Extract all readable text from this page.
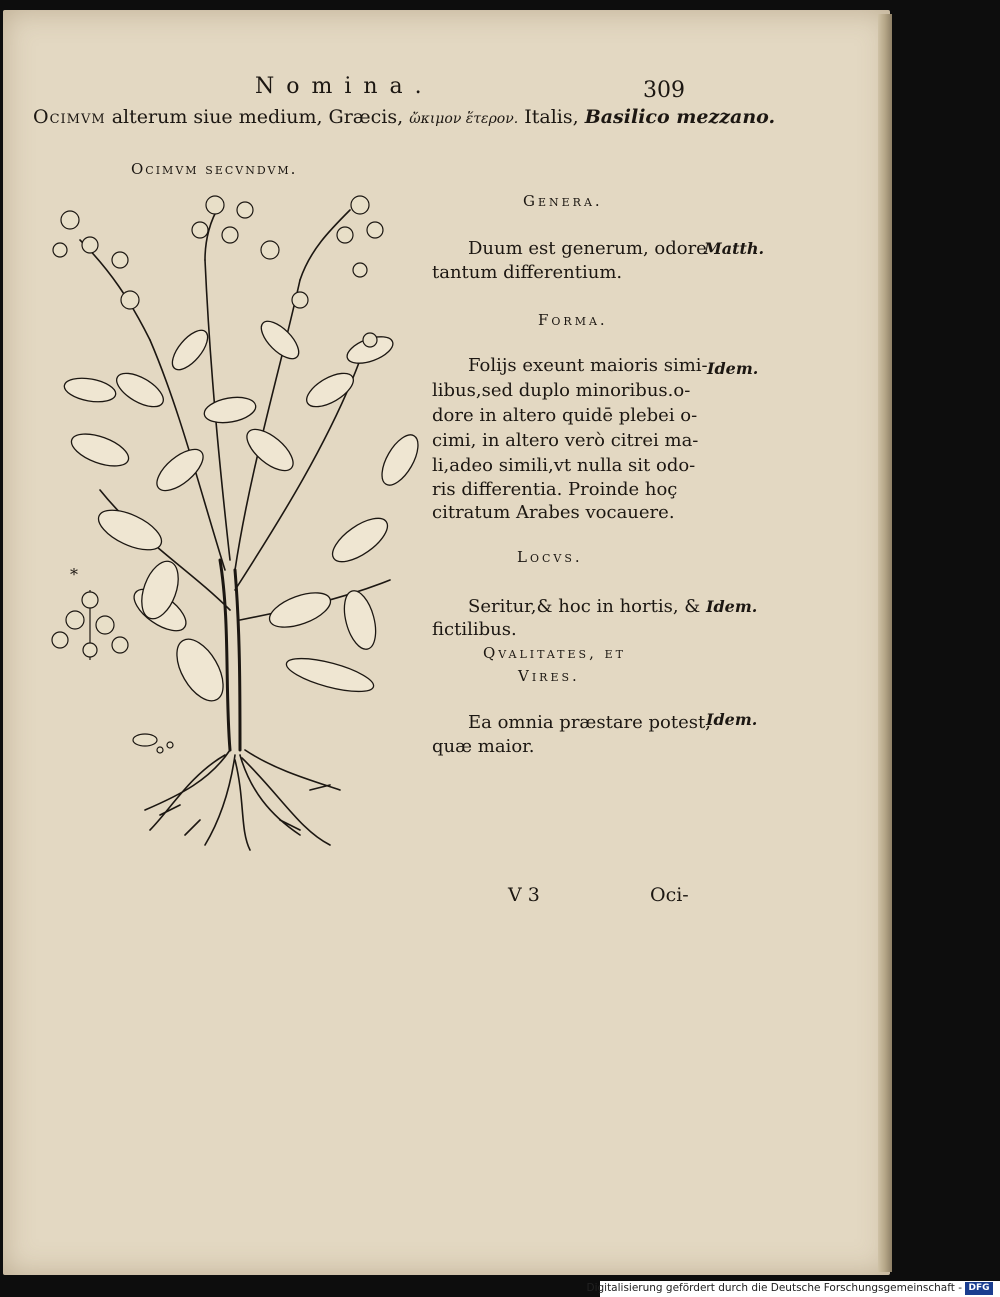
Nomina.	309
Ocimvm alterum siue medium, Græcis, ὤκιμον ἕτερον. Italis, Basilico mezzano.
Ocimvm secvndvm.
*
Genera.
Duum est generum, odore
tantum differentium.
Matth.
Forma.
Folijs exeunt maioris simi-
libus,sed duplo minoribus.o-
dore in altero quidē plebei o-
cimi, in altero verò citrei ma-
li,adeo simili,vt nulla sit odo-
ris differentia. Proinde hoç
citratum Arabes vocauere.
Idem.
Locvs.
Seritur,& hoc in hortis, &
fictilibus.
Idem.
Qvalitates, et
Vires.
Ea omnia præstare potest,
quæ maior.
Idem.
V 3	Oci-
Digitalisierung gefördert durch die Deutsche Forschungsgemeinschaft - DFG
